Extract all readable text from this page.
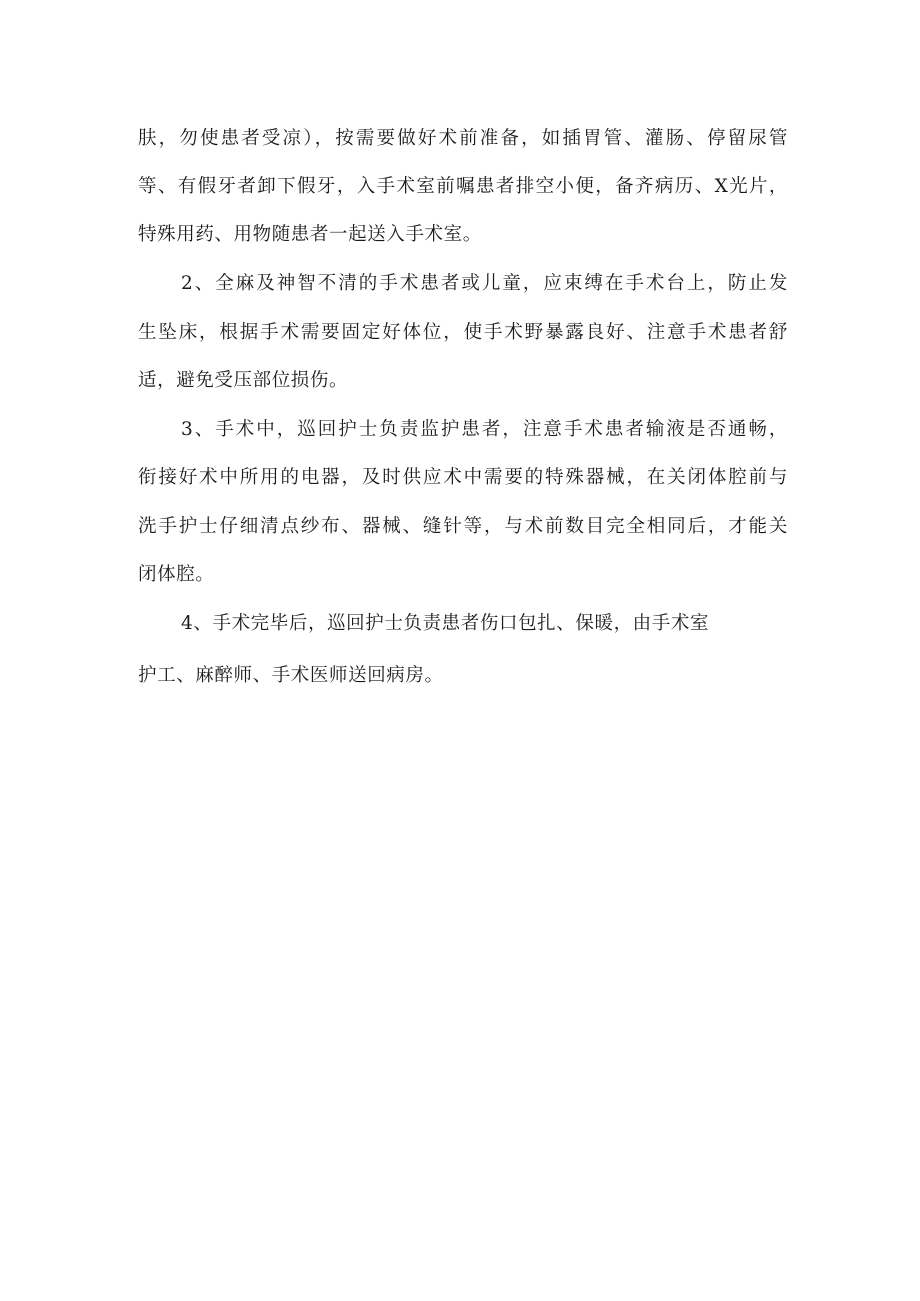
肤，勿使患者受凉），按需要做好术前准备，如插胃管、灌肠、停留尿管
等、有假牙者卸下假牙，入手术室前嘱患者排空小便，备齐病历、X光片，
特殊用药、用物随患者一起送入手术室。
2、全麻及神智不清的手术患者或儿童，应束缚在手术台上，防止发
生坠床，根据手术需要固定好体位，使手术野暴露良好、注意手术患者舒
适，避免受压部位损伤。
3、手术中，巡回护士负责监护患者，注意手术患者输液是否通畅，
衔接好术中所用的电器，及时供应术中需要的特殊器械，在关闭体腔前与
洗手护士仔细清点纱布、器械、缝针等，与术前数目完全相同后，才能关
闭体腔。
4、手术完毕后，巡回护士负责患者伤口包扎、保暖，由手术室
护工、麻醉师、手术医师送回病房。
